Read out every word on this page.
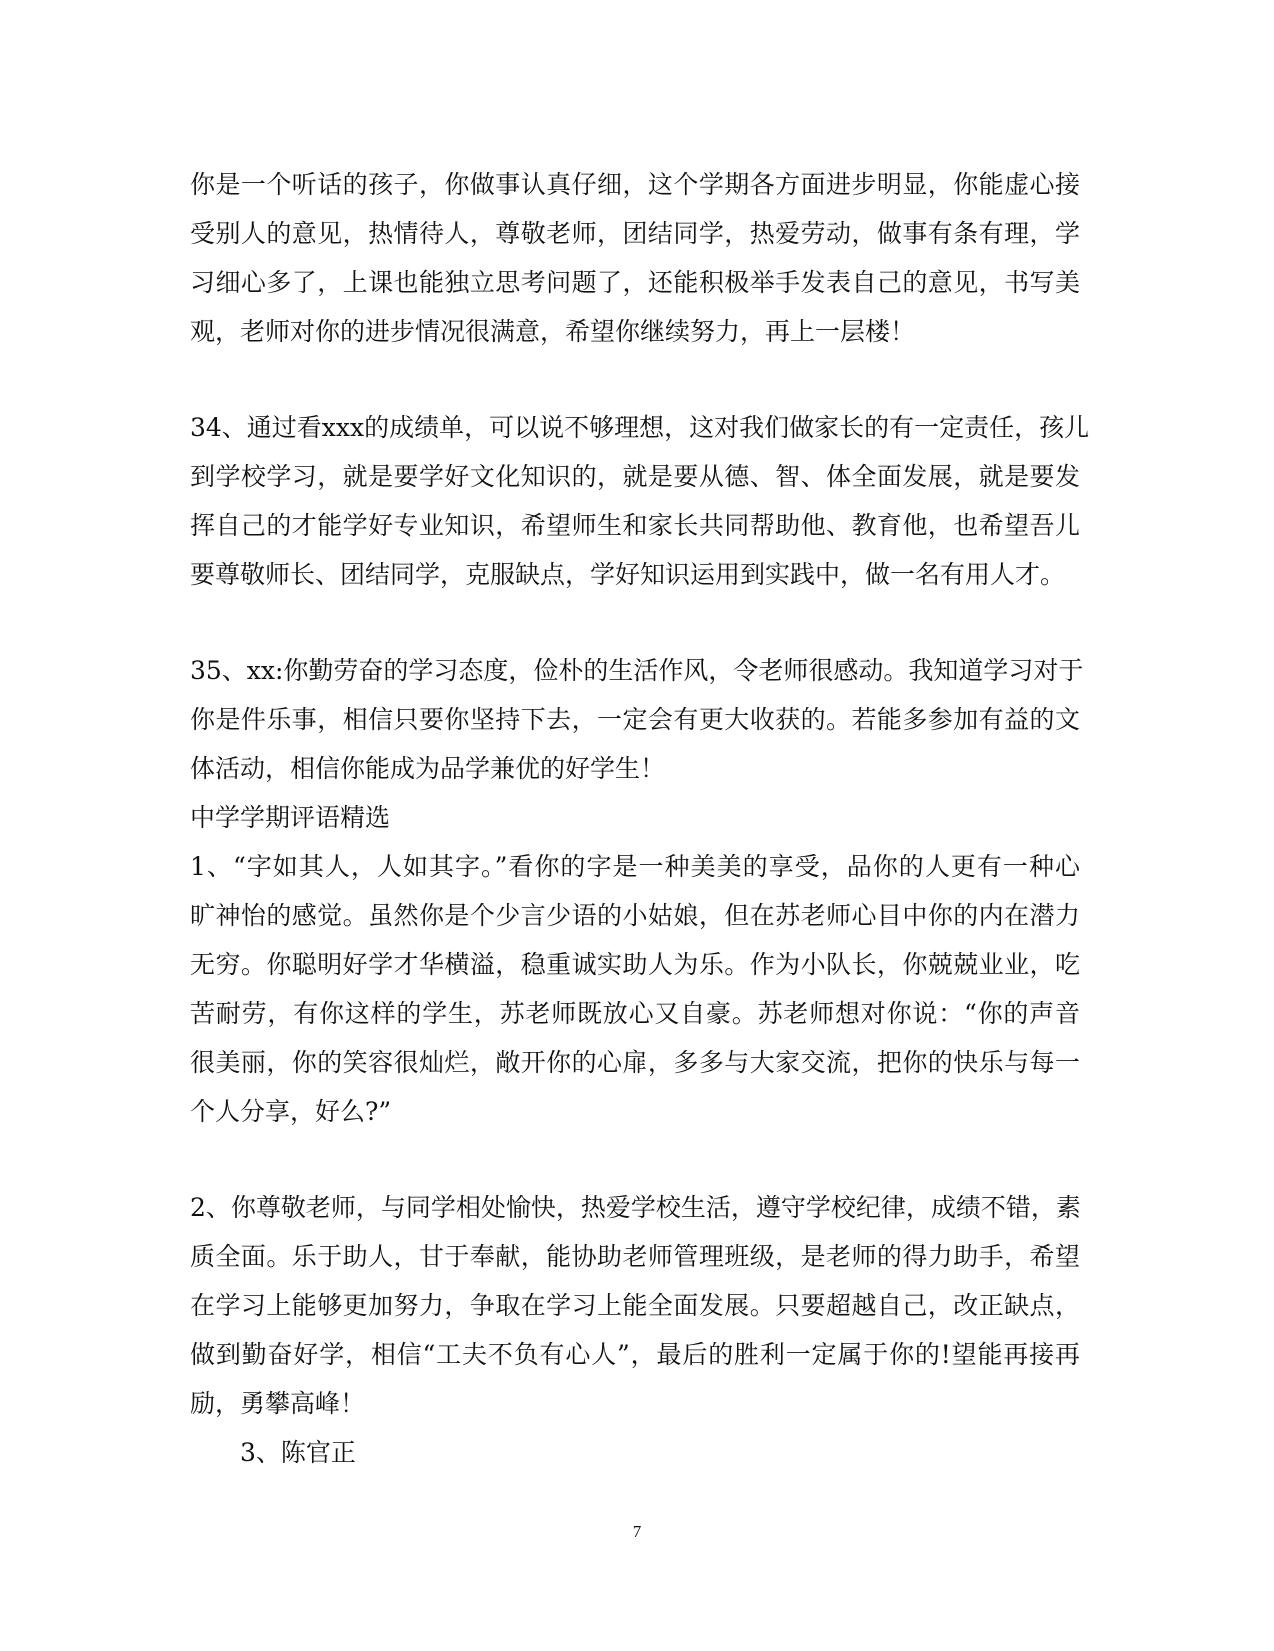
你是一个听话的孩子，你做事认真仔细，这个学期各方面进步明显，你能虚心接
受别人的意见，热情待人，尊敬老师，团结同学，热爱劳动，做事有条有理，学
习细心多了，上课也能独立思考问题了，还能积极举手发表自己的意见，书写美
观，老师对你的进步情况很满意，希望你继续努力，再上一层楼！

34、通过看xxx的成绩单，可以说不够理想，这对我们做家长的有一定责任，孩儿
到学校学习，就是要学好文化知识的，就是要从德、智、体全面发展，就是要发
挥自己的才能学好专业知识，希望师生和家长共同帮助他、教育他，也希望吾儿
要尊敬师长、团结同学，克服缺点，学好知识运用到实践中，做一名有用人才。

35、xx:你勤劳奋的学习态度，俭朴的生活作风，令老师很感动。我知道学习对于
你是件乐事，相信只要你坚持下去，一定会有更大收获的。若能多参加有益的文
体活动，相信你能成为品学兼优的好学生！

中学学期评语精选

1、“字如其人，人如其字。”看你的字是一种美美的享受，品你的人更有一种心
旷神怡的感觉。虽然你是个少言少语的小姑娘，但在苏老师心目中你的内在潜力
无穷。你聪明好学才华横溢，稳重诚实助人为乐。作为小队长，你兢兢业业，吃
苦耐劳，有你这样的学生，苏老师既放心又自豪。苏老师想对你说：“你的声音
很美丽，你的笑容很灿烂，敞开你的心扉，多多与大家交流，把你的快乐与每一
个人分享，好么?”

2、你尊敬老师，与同学相处愉快，热爱学校生活，遵守学校纪律，成绩不错，素
质全面。乐于助人，甘于奉献，能协助老师管理班级，是老师的得力助手，希望
在学习上能够更加努力，争取在学习上能全面发展。只要超越自己，改正缺点，
做到勤奋好学，相信“工夫不负有心人”，最后的胜利一定属于你的!望能再接再
励，勇攀高峰！

3、陈官正

7
